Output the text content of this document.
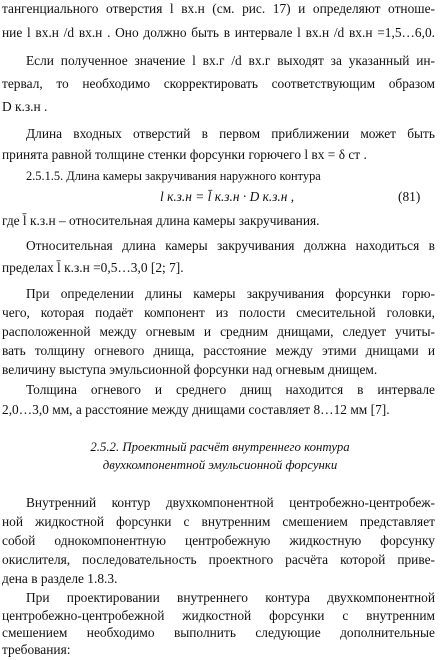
тангенциального отверстия l вх.н (см. рис. 17) и определяют отноше-
ние l вх.н /d вх.н . Оно должно быть в интервале l вх.н /d вх.н =1,5…6,0.
Если полученное значение l вх.г /d вх.г выходят за указанный ин-
тервал, то необходимо скорректировать соответствующим образом
D к.з.н .
Длина входных отверстий в первом приближении может быть
принята равной толщине стенки форсунки горючего l вх = δ ст .
2.5.1.5. Длина камеры закручивания наружного контура
l к.з.н = l̄ к.з.н · D к.з.н ,	(81)
где l̄ к.з.н – относительная длина камеры закручивания.
Относительная длина камеры закручивания должна находиться в
пределах l̄ к.з.н =0,5…3,0 [2; 7].
При определении длины камеры закручивания форсунки горю-
чего, которая подаёт компонент из полости смесительной головки,
расположенной между огневым и средним днищами, следует учиты-
вать толщину огневого днища, расстояние между этими днищами и
величину выступа эмульсионной форсунки над огневым днищем.
Толщина огневого и среднего днищ находится в интервале
2,0…3,0 мм, а расстояние между днищами составляет 8…12 мм [7].
2.5.2. Проектный расчёт внутреннего контура
двухкомпонентной эмульсионной форсунки
Внутренний контур двухкомпонентной центробежно-центробеж-
ной жидкостной форсунки с внутренним смешением представляет
собой однокомпонентную центробежную жидкостную форсунку
окислителя, последовательность проектного расчёта которой приве-
дена в разделе 1.8.3.
При проектировании внутреннего контура двухкомпонентной
центробежно-центробежной жидкостной форсунки с внутренним
смешением необходимо выполнить следующие дополнительные
требования:
